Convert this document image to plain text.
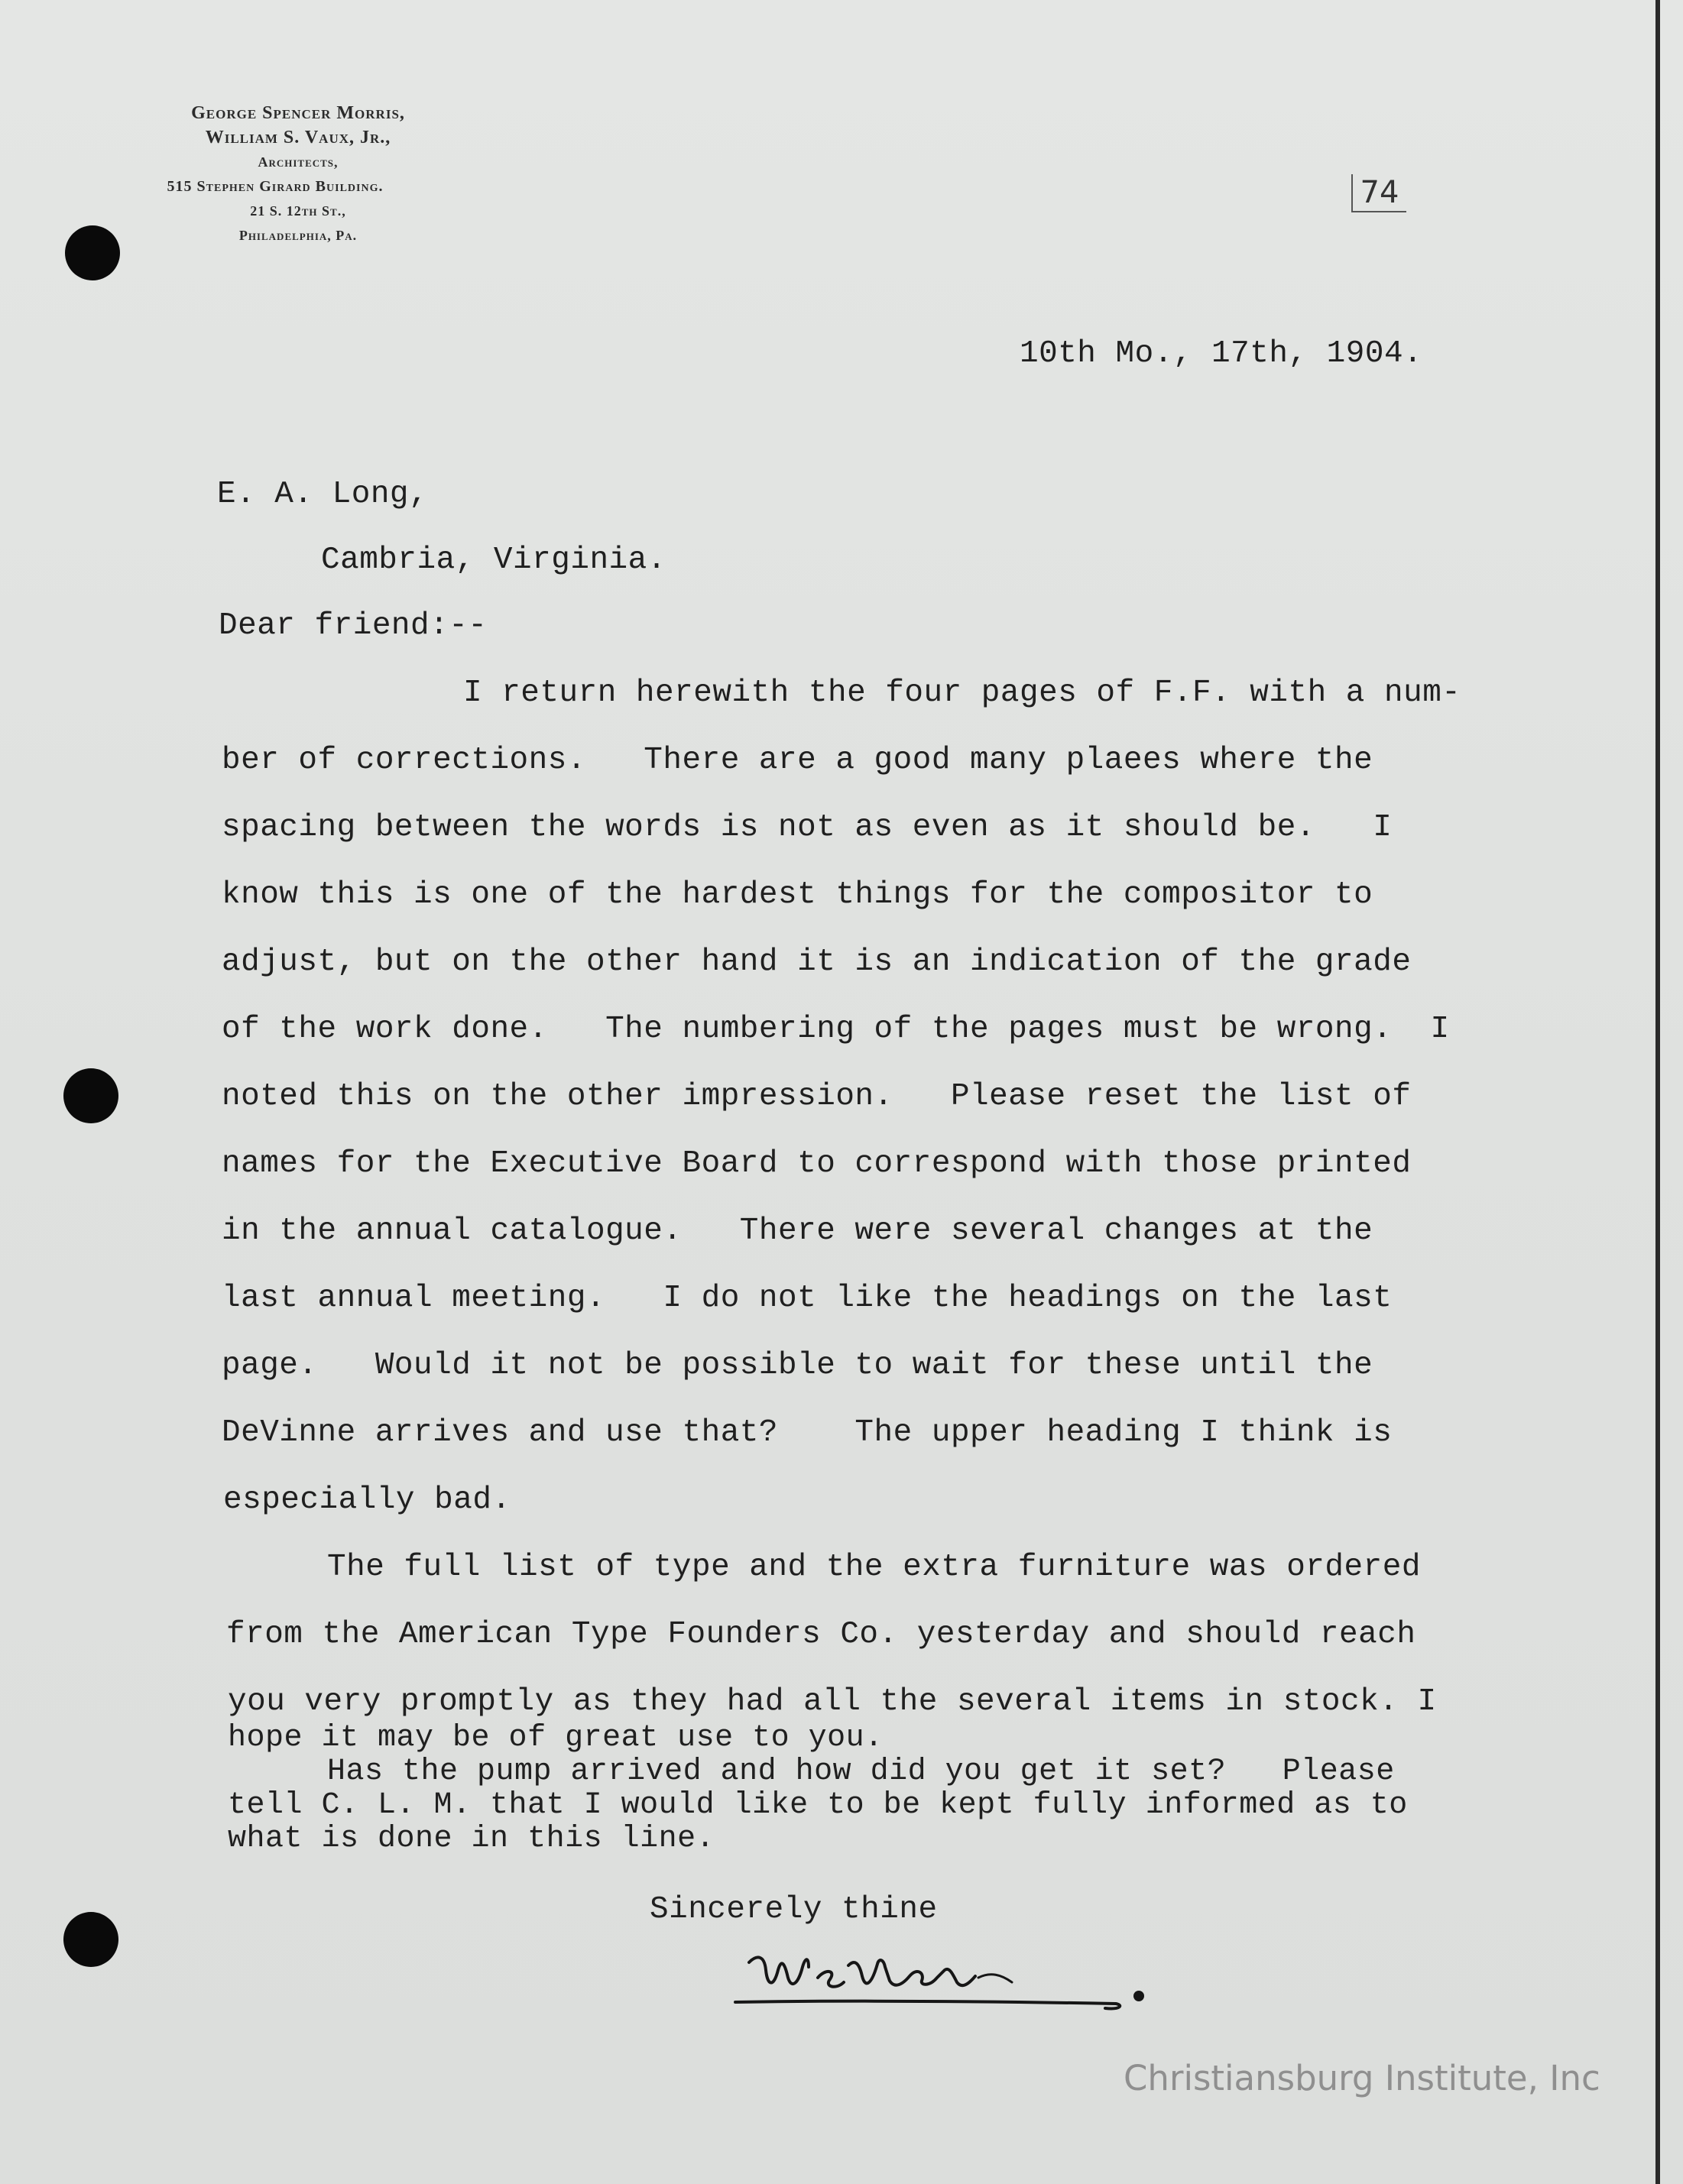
George Spencer Morris,
William S. Vaux, Jr.,
Architects,
515 Stephen Girard Building.
21 S. 12th St.,
Philadelphia, Pa.
74
10th Mo., 17th, 1904.
E. A. Long,
Cambria, Virginia.
Dear friend:--
I return herewith the four pages of F.F. with a num-
ber of corrections.   There are a good many plaees where the
spacing between the words is not as even as it should be.   I
know this is one of the hardest things for the compositor to
adjust, but on the other hand it is an indication of the grade
of the work done.   The numbering of the pages must be wrong.  I
noted this on the other impression.   Please reset the list of
names for the Executive Board to correspond with those printed
in the annual catalogue.   There were several changes at the
last annual meeting.   I do not like the headings on the last
page.   Would it not be possible to wait for these until the
DeVinne arrives and use that?    The upper heading I think is
especially bad.
The full list of type and the extra furniture was ordered
from the American Type Founders Co. yesterday and should reach
you very promptly as they had all the several items in stock. I
hope it may be of great use to you.
Has the pump arrived and how did you get it set?   Please
tell C. L. M. that I would like to be kept fully informed as to
what is done in this line.
Sincerely thine
Christiansburg Institute, Inc
